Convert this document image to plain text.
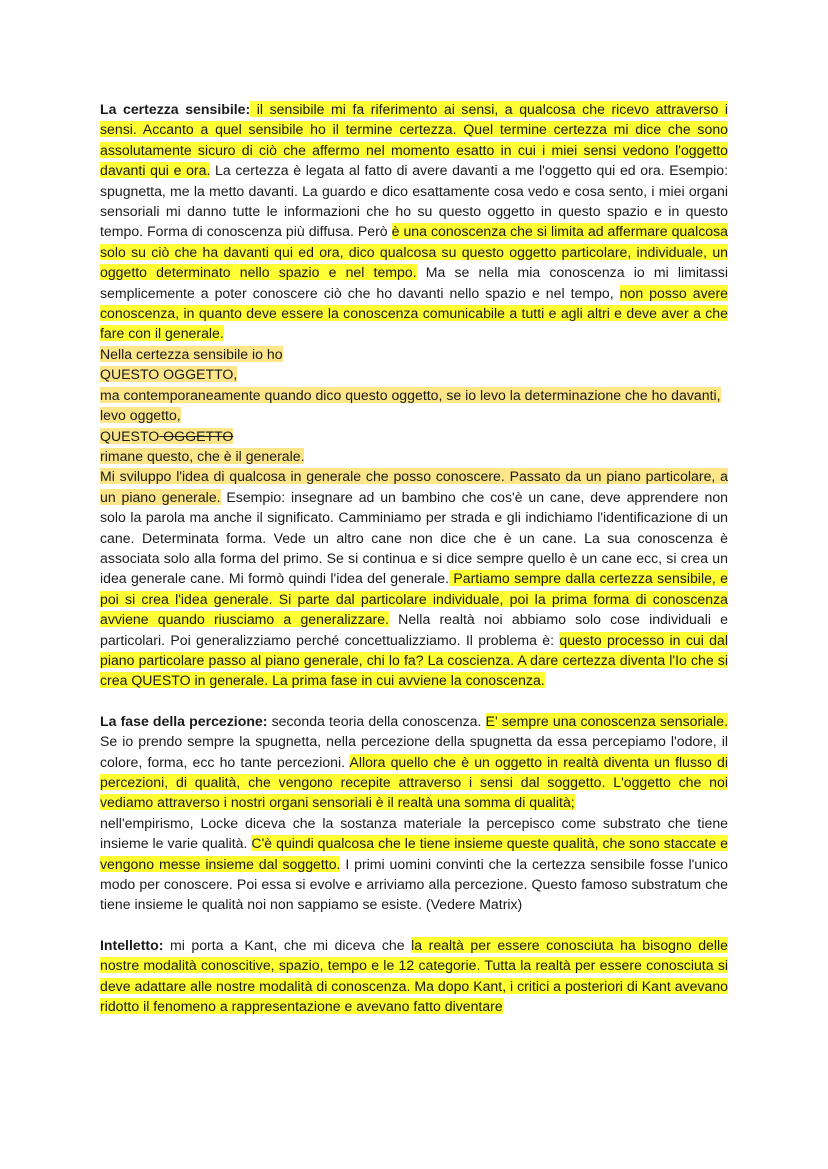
La certezza sensibile: il sensibile mi fa riferimento ai sensi, a qualcosa che ricevo attraverso i sensi. Accanto a quel sensibile ho il termine certezza. Quel termine certezza mi dice che sono assolutamente sicuro di ciò che affermo nel momento esatto in cui i miei sensi vedono l'oggetto davanti qui e ora. La certezza è legata al fatto di avere davanti a me l'oggetto qui ed ora. Esempio: spugnetta, me la metto davanti. La guardo e dico esattamente cosa vedo e cosa sento, i miei organi sensoriali mi danno tutte le informazioni che ho su questo oggetto in questo spazio e in questo tempo. Forma di conoscenza più diffusa. Però è una conoscenza che si limita ad affermare qualcosa solo su ciò che ha davanti qui ed ora, dico qualcosa su questo oggetto particolare, individuale, un oggetto determinato nello spazio e nel tempo. Ma se nella mia conoscenza io mi limitassi semplicemente a poter conoscere ciò che ho davanti nello spazio e nel tempo, non posso avere conoscenza, in quanto deve essere la conoscenza comunicabile a tutti e agli altri e deve aver a che fare con il generale.

Nella certezza sensibile io ho

QUESTO OGGETTO,

ma contemporaneamente quando dico questo oggetto, se io levo la determinazione che ho davanti, levo oggetto,

QUESTO OGGETTO

rimane questo, che è il generale.

Mi sviluppo l'idea di qualcosa in generale che posso conoscere. Passato da un piano particolare, a un piano generale. Esempio: insegnare ad un bambino che cos'è un cane, deve apprendere non solo la parola ma anche il significato. Camminiamo per strada e gli indichiamo l'identificazione di un cane. Determinata forma. Vede un altro cane non dice che è un cane. La sua conoscenza è associata solo alla forma del primo. Se si continua e si dice sempre quello è un cane ecc, si crea un idea generale cane. Mi formò quindi l'idea del generale. Partiamo sempre dalla certezza sensibile, e poi si crea l'idea generale. Si parte dal particolare individuale, poi la prima forma di conoscenza avviene quando riusciamo a generalizzare. Nella realtà noi abbiamo solo cose individuali e particolari. Poi generalizziamo perché concettualizziamo. Il problema è: questo processo in cui dal piano particolare passo al piano generale, chi lo fa? La coscienza. A dare certezza diventa l'Io che si crea QUESTO in generale. La prima fase in cui avviene la conoscenza.

La fase della percezione: seconda teoria della conoscenza. E' sempre una conoscenza sensoriale. Se io prendo sempre la spugnetta, nella percezione della spugnetta da essa percepiamo l'odore, il colore, forma, ecc ho tante percezioni. Allora quello che è un oggetto in realtà diventa un flusso di percezioni, di qualità, che vengono recepite attraverso i sensi dal soggetto. L'oggetto che noi vediamo attraverso i nostri organi sensoriali è il realtà una somma di qualità;

nell'empirismo, Locke diceva che la sostanza materiale la percepisco come substrato che tiene insieme le varie qualità. C'è quindi qualcosa che le tiene insieme queste qualità, che sono staccate e vengono messe insieme dal soggetto. I primi uomini convinti che la certezza sensibile fosse l'unico modo per conoscere. Poi essa si evolve e arriviamo alla percezione. Questo famoso substratum che tiene insieme le qualità noi non sappiamo se esiste. (Vedere Matrix)

Intelletto: mi porta a Kant, che mi diceva che la realtà per essere conosciuta ha bisogno delle nostre modalità conoscitive, spazio, tempo e le 12 categorie. Tutta la realtà per essere conosciuta si deve adattare alle nostre modalità di conoscenza. Ma dopo Kant, i critici a posteriori di Kant avevano ridotto il fenomeno a rappresentazione e avevano fatto diventare
